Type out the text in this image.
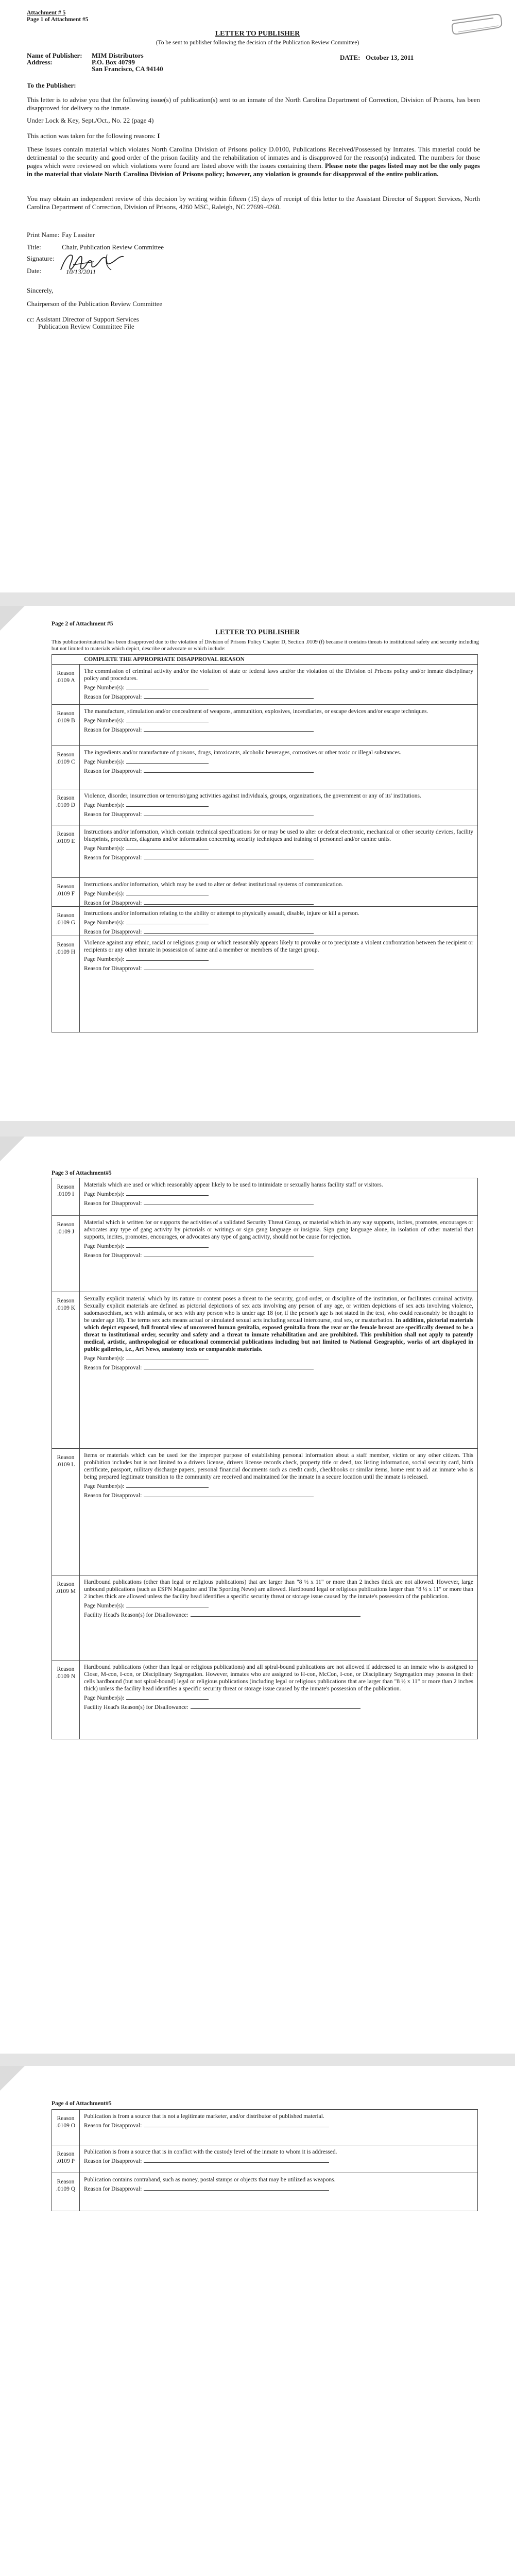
Attachment # 5
Page 1 of Attachment #5
LETTER TO PUBLISHER
(To be sent to publisher following the decision of the Publication Review Committee)
Name of Publisher: MIM Distributors	DATE: October 13, 2011
Address:	P.O. Box 40799
San Francisco, CA 94140
To the Publisher:
This letter is to advise you that the following issue(s) of publication(s) sent to an inmate of the North Carolina Department of Correction, Division of Prisons, has been disapproved for delivery to the inmate.
Under Lock & Key, Sept./Oct., No. 22 (page 4)
This action was taken for the following reasons: I
These issues contain material which violates North Carolina Division of Prisons policy D.0100, Publications Received/Possessed by Inmates. This material could be detrimental to the security and good order of the prison facility and the rehabilitation of inmates and is disapproved for the reason(s) indicated. The numbers for those pages which were reviewed on which violations were found are listed above with the issues containing them. Please note the pages listed may not be the only pages in the material that violate North Carolina Division of Prisons policy; however, any violation is grounds for disapproval of the entire publication.
You may obtain an independent review of this decision by writing within fifteen (15) days of receipt of this letter to the Assistant Director of Support Services, North Carolina Department of Correction, Division of Prisons, 4260 MSC, Raleigh, NC 27699-4260.
Print Name: Fay Lassiter
Title:	Chair, Publication Review Committee
Signature:
Date:	10/13/2011
Sincerely,
Chairperson of the Publication Review Committee
cc: Assistant Director of Support Services
Publication Review Committee File
Page 2 of Attachment #5
LETTER TO PUBLISHER
This publication/material has been disapproved due to the violation of Division of Prisons Policy Chapter D, Section .0109 (f) because it contains threats to institutional safety and security including but not limited to materials which depict, describe or advocate or which include:
COMPLETE THE APPROPRIATE DISAPPROVAL REASON
Reason .0109 A
The commission of criminal activity and/or the violation of state or federal laws and/or the violation of the Division of Prisons policy and/or inmate disciplinary policy and procedures.
Page Number(s):
Reason for Disapproval:
Reason .0109 B
The manufacture, stimulation and/or concealment of weapons, ammunition, explosives, incendiaries, or escape devices and/or escape techniques.
Page Number(s):
Reason for Disapproval:
Reason .0109 C
The ingredients and/or manufacture of poisons, drugs, intoxicants, alcoholic beverages, corrosives or other toxic or illegal substances.
Page Number(s):
Reason for Disapproval:
Reason .0109 D
Violence, disorder, insurrection or terrorist/gang activities against individuals, groups, organizations, the government or any of its' institutions.
Page Number(s):
Reason for Disapproval:
Reason .0109 E
Instructions and/or information, which contain technical specifications for or may be used to alter or defeat electronic, mechanical or other security devices, facility blueprints, procedures, diagrams and/or information concerning security techniques and training of personnel and/or canine units.
Page Number(s):
Reason for Disapproval:
Reason .0109 F
Instructions and/or information, which may be used to alter or defeat institutional systems of communication.
Page Number(s):
Reason for Disapproval:
Reason .0109 G
Instructions and/or information relating to the ability or attempt to physically assault, disable, injure or kill a person.
Page Number(s):
Reason for Disapproval:
Reason .0109 H
Violence against any ethnic, racial or religious group or which reasonably appears likely to provoke or to precipitate a violent confrontation between the recipient or recipients or any other inmate in possession of same and a member or members of the target group.
Page Number(s):
Reason for Disapproval:
Page 3 of Attachment#5
Reason .0109 I
Materials which are used or which reasonably appear likely to be used to intimidate or sexually harass facility staff or visitors.
Page Number(s):
Reason for Disapproval:
Reason .0109 J
Material which is written for or supports the activities of a validated Security Threat Group, or material which in any way supports, incites, promotes, encourages or advocates any type of gang activity by pictorials or writings or sign gang language or insignia. Sign gang language alone, in isolation of other material that supports, incites, promotes, encourages, or advocates any type of gang activity, should not be cause for rejection.
Page Number(s):
Reason for Disapproval:
Reason .0109 K
Sexually explicit material which by its nature or content poses a threat to the security, good order, or discipline of the institution, or facilitates criminal activity. Sexually explicit materials are defined as pictorial depictions of sex acts involving any person of any age, or written depictions of sex acts involving violence, sadomasochism, sex with animals, or sex with any person who is under age 18 (or, if the person's age is not stated in the text, who could reasonably be thought to be under age 18). The terms sex acts means actual or simulated sexual acts including sexual intercourse, oral sex, or masturbation. In addition, pictorial materials which depict exposed, full frontal view of uncovered human genitalia, exposed genitalia from the rear or the female breast are specifically deemed to be a threat to institutional order, security and safety and a threat to inmate rehabilitation and are prohibited. This prohibition shall not apply to patently medical, artistic, anthropological or educational commercial publications including but not limited to National Geographic, works of art displayed in public galleries, i.e., Art News, anatomy texts or comparable materials.
Page Number(s):
Reason for Disapproval:
Reason .0109 L
Items or materials which can be used for the improper purpose of establishing personal information about a staff member, victim or any other citizen. This prohibition includes but is not limited to a drivers license, drivers license records check, property title or deed, tax listing information, social security card, birth certificate, passport, military discharge papers, personal financial documents such as credit cards, checkbooks or similar items, home rent to aid an inmate who is being prepared legitimate transition to the community are received and maintained for the inmate in a secure location until the inmate is released.
Page Number(s):
Reason for Disapproval:
Reason .0109 M
Hardbound publications (other than legal or religious publications) that are larger than "8 ½ x 11" or more than 2 inches thick are not allowed. However, large unbound publications (such as ESPN Magazine and The Sporting News) are allowed. Hardbound legal or religious publications larger than "8 ½ x 11" or more than 2 inches thick are allowed unless the facility head identifies a specific security threat or storage issue caused by the inmate's possession of the publication.
Page Number(s):
Facility Head's Reason(s) for Disallowance:
Reason .0109 N
Hardbound publications (other than legal or religious publications) and all spiral-bound publications are not allowed if addressed to an inmate who is assigned to Close, M-con, I-con, or Disciplinary Segregation. However, inmates who are assigned to H-con, McCon, I-con, or Disciplinary Segregation may possess in their cells hardbound (but not spiral-bound) legal or religious publications (including legal or religious publications that are larger than "8 ½ x 11" or more than 2 inches thick) unless the facility head identifies a specific security threat or storage issue caused by the inmate's possession of the publication.
Page Number(s):
Facility Head's Reason(s) for Disallowance:
Page 4 of Attachment#5
Reason .0109 O
Publication is from a source that is not a legitimate marketer, and/or distributor of published material.
Reason for Disapproval:
Reason .0109 P
Publication is from a source that is in conflict with the custody level of the inmate to whom it is addressed.
Reason for Disapproval:
Reason .0109 Q
Publication contains contraband, such as money, postal stamps or objects that may be utilized as weapons.
Reason for Disapproval:
